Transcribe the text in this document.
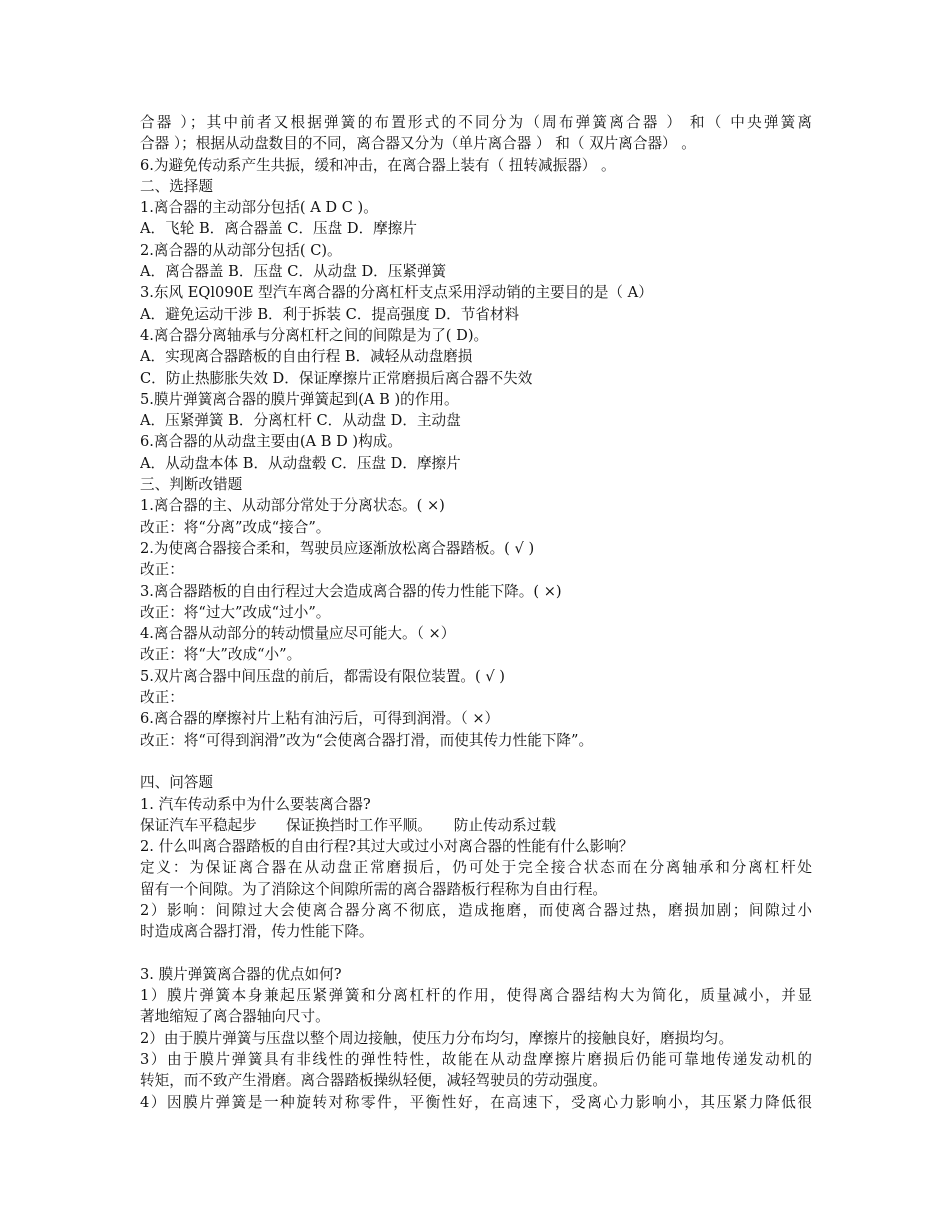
合器 ）；其中前者又根据弹簧的布置形式的不同分为（周布弹簧离合器 ） 和（ 中央弹簧离
合器 ）；根据从动盘数目的不同，离合器又分为（单片离合器 ） 和（ 双片离合器） 。
6.为避免传动系产生共振，缓和冲击，在离合器上装有（ 扭转减振器） 。
二、选择题
1.离合器的主动部分包括( A D C )。
A．飞轮 B．离合器盖 C．压盘 D．摩擦片
2.离合器的从动部分包括( C)。
A．离合器盖 B．压盘 C．从动盘 D．压紧弹簧
3.东风 EQl090E 型汽车离合器的分离杠杆支点采用浮动销的主要目的是（ A）
A．避免运动干涉 B．利于拆装 C．提高强度 D．节省材料
4.离合器分离轴承与分离杠杆之间的间隙是为了( D)。
A．实现离合器踏板的自由行程 B．减轻从动盘磨损
C．防止热膨胀失效 D．保证摩擦片正常磨损后离合器不失效
5.膜片弹簧离合器的膜片弹簧起到(A B )的作用。
A．压紧弹簧 B．分离杠杆 C．从动盘 D．主动盘
6.离合器的从动盘主要由(A B D )构成。
A．从动盘本体 B．从动盘毂 C．压盘 D．摩擦片
三、判断改错题
1.离合器的主、从动部分常处于分离状态。( ×)
改正：将“分离”改成“接合”。
2.为使离合器接合柔和，驾驶员应逐渐放松离合器踏板。( √ )
改正：
3.离合器踏板的自由行程过大会造成离合器的传力性能下降。( ×)
改正：将“过大”改成“过小”。
4.离合器从动部分的转动惯量应尽可能大。（ ×）
改正：将“大”改成“小”。
5.双片离合器中间压盘的前后，都需设有限位装置。( √ )
改正：
6.离合器的摩擦衬片上粘有油污后，可得到润滑。（ ×）
改正：将“可得到润滑”改为“会使离合器打滑，而使其传力性能下降”。
四、问答题
1. 汽车传动系中为什么要装离合器?
保证汽车平稳起步　　保证换挡时工作平顺。　　防止传动系过载
2. 什么叫离合器踏板的自由行程?其过大或过小对离合器的性能有什么影响？
定义：为保证离合器在从动盘正常磨损后，仍可处于完全接合状态而在分离轴承和分离杠杆处
留有一个间隙。为了消除这个间隙所需的离合器踏板行程称为自由行程。
2）影响：间隙过大会使离合器分离不彻底，造成拖磨，而使离合器过热，磨损加剧；间隙过小
时造成离合器打滑，传力性能下降。
3. 膜片弹簧离合器的优点如何?
1）膜片弹簧本身兼起压紧弹簧和分离杠杆的作用，使得离合器结构大为简化，质量减小，并显
著地缩短了离合器轴向尺寸。
2）由于膜片弹簧与压盘以整个周边接触，使压力分布均匀，摩擦片的接触良好，磨损均匀。
3）由于膜片弹簧具有非线性的弹性特性，故能在从动盘摩擦片磨损后仍能可靠地传递发动机的
转矩，而不致产生滑磨。离合器踏板操纵轻便，减轻驾驶员的劳动强度。
4）因膜片弹簧是一种旋转对称零件，平衡性好，在高速下，受离心力影响小，其压紧力降低很
